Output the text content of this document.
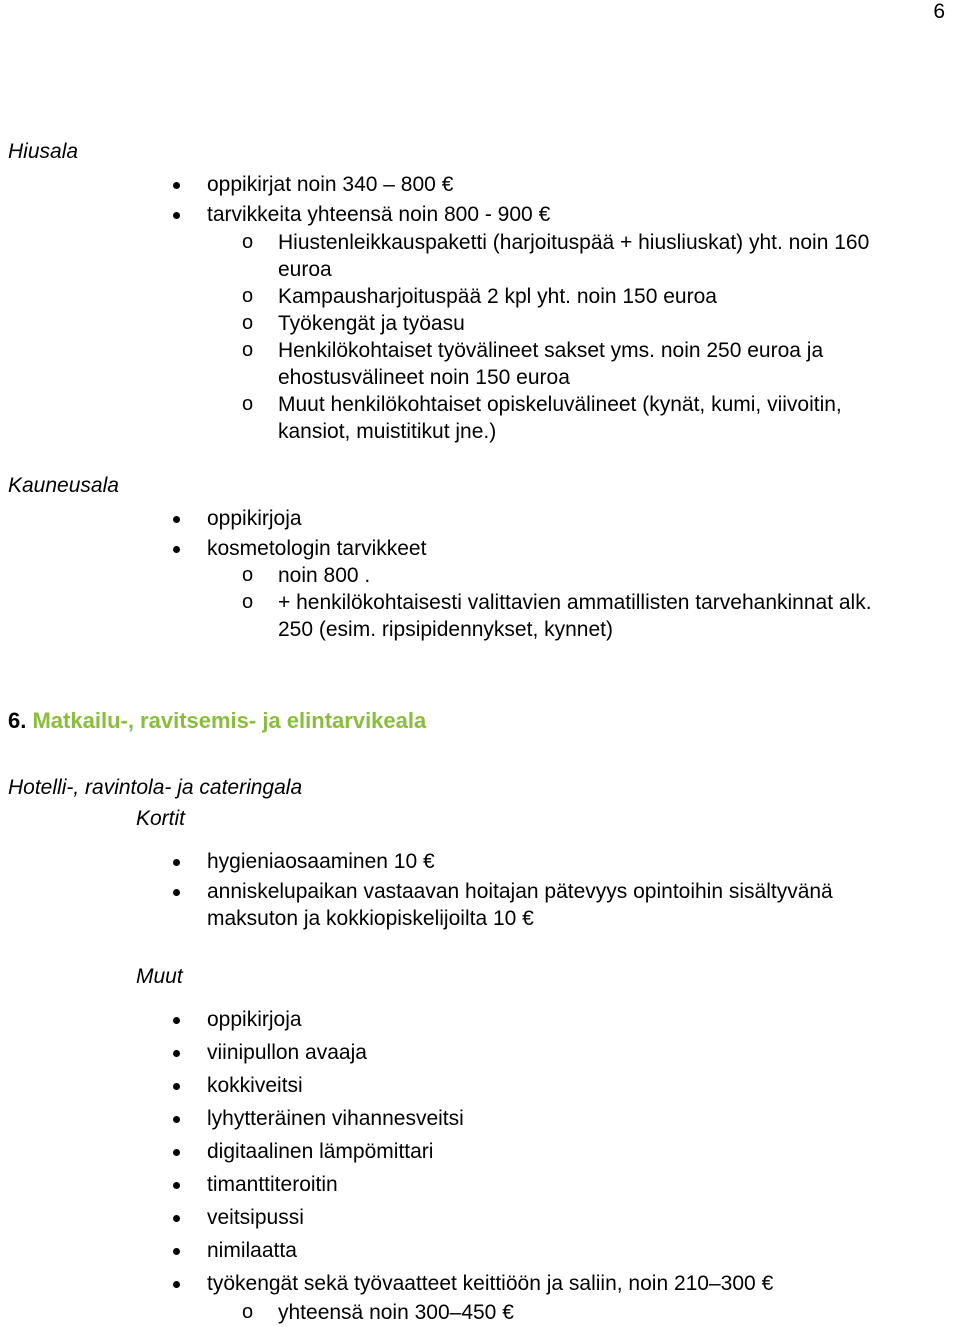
6
Hiusala
oppikirjat noin 340 – 800 €
tarvikkeita yhteensä noin 800 - 900 €
o Hiustenleikkauspaketti (harjoituspää + hiusliuskat) yht. noin 160
euroa
o Kampausharjoituspää 2 kpl yht. noin 150 euroa
o Työkengät ja työasu
o Henkilökohtaiset työvälineet sakset yms. noin 250 euroa ja
ehostusvälineet noin 150 euroa
o Muut henkilökohtaiset opiskeluvälineet (kynät, kumi, viivoitin,
kansiot, muistitikut jne.)
Kauneusala
oppikirjoja
kosmetologin tarvikkeet
o noin 800 .
o + henkilökohtaisesti valittavien ammatillisten tarvehankinnat alk.
250 (esim. ripsipidennykset, kynnet)
6. Matkailu-, ravitsemis- ja elintarvikeala
Hotelli-, ravintola- ja cateringala
Kortit
hygieniaosaaminen 10 €
anniskelupaikan vastaavan hoitajan pätevyys opintoihin sisältyvänä
maksuton ja kokkiopiskelijoilta 10 €
Muut
oppikirjoja
viinipullon avaaja
kokkiveitsi
lyhytteräinen vihannesveitsi
digitaalinen lämpömittari
timanttiteroitin
veitsipussi
nimilaatta
työkengät sekä työvaatteet keittiöön ja saliin, noin 210–300 €
o yhteensä noin 300–450 €
